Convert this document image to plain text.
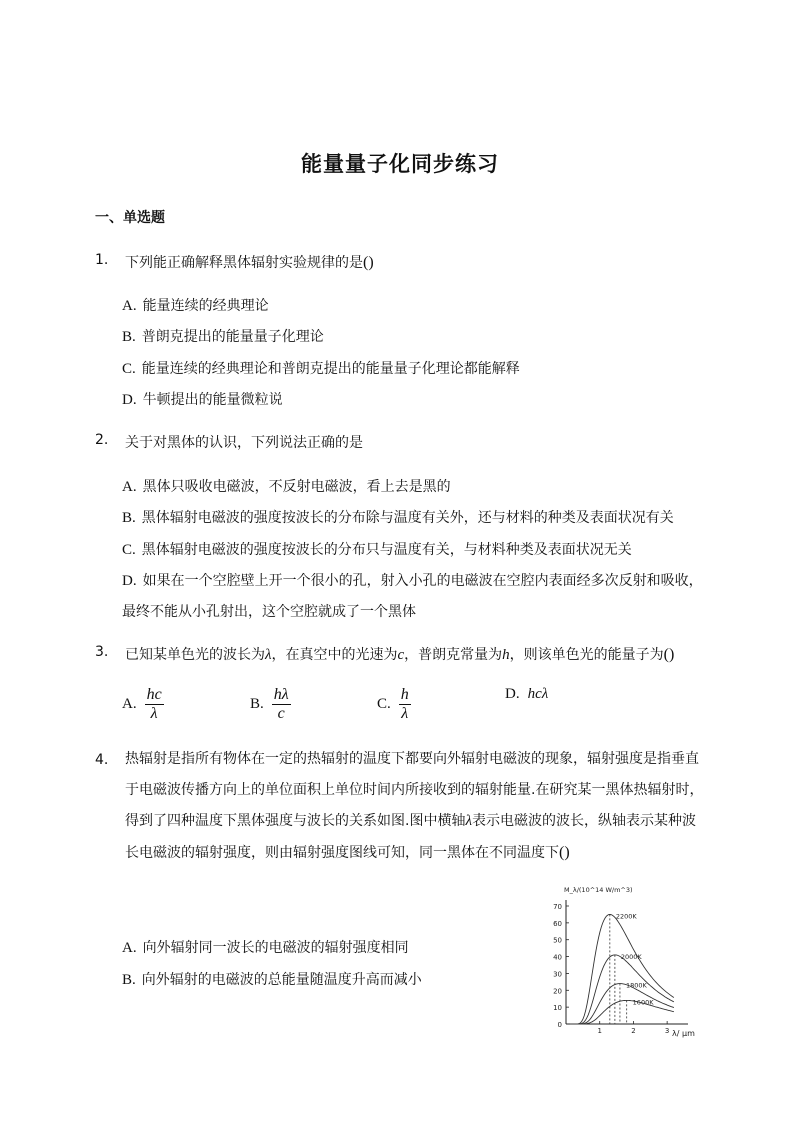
能量量子化同步练习
一、单选题
1. 下列能正确解释黑体辐射实验规律的是()
A. 能量连续的经典理论
B. 普朗克提出的能量量子化理论
C. 能量连续的经典理论和普朗克提出的能量量子化理论都能解释
D. 牛顿提出的能量微粒说
2. 关于对黑体的认识，下列说法正确的是
A. 黑体只吸收电磁波，不反射电磁波，看上去是黑的
B. 黑体辐射电磁波的强度按波长的分布除与温度有关外，还与材料的种类及表面状况有关
C. 黑体辐射电磁波的强度按波长的分布只与温度有关，与材料种类及表面状况无关
D. 如果在一个空腔壁上开一个很小的孔，射入小孔的电磁波在空腔内表面经多次反射和吸收，
最终不能从小孔射出，这个空腔就成了一个黑体
3. 已知某单色光的波长为λ，在真空中的光速为c，普朗克常量为h，则该单色光的能量子为()
A. $\frac{hc}{\lambda}$	B. $\frac{h\lambda}{c}$	C. $\frac{h}{\lambda}$	D. hcλ
4.	热辐射是指所有物体在一定的热辐射的温度下都要向外辐射电磁波的现象，辐射强度是指垂直
于电磁波传播方向上的单位面积上单位时间内所接收到的辐射能量.在研究某一黑体热辐射时，
得到了四种温度下黑体强度与波长的关系如图.图中横轴λ表示电磁波的波长，纵轴表示某种波
长电磁波的辐射强度，则由辐射强度图线可知，同一黑体在不同温度下()
A. 向外辐射同一波长的电磁波的辐射强度相同
B. 向外辐射的电磁波的总能量随温度升高而减小
0
10
20
30
40
50
60
70
1	2	3
M_λ/(10^14 W/m^3)
λ/ μm
2200K
2000K
1800K
1600K
